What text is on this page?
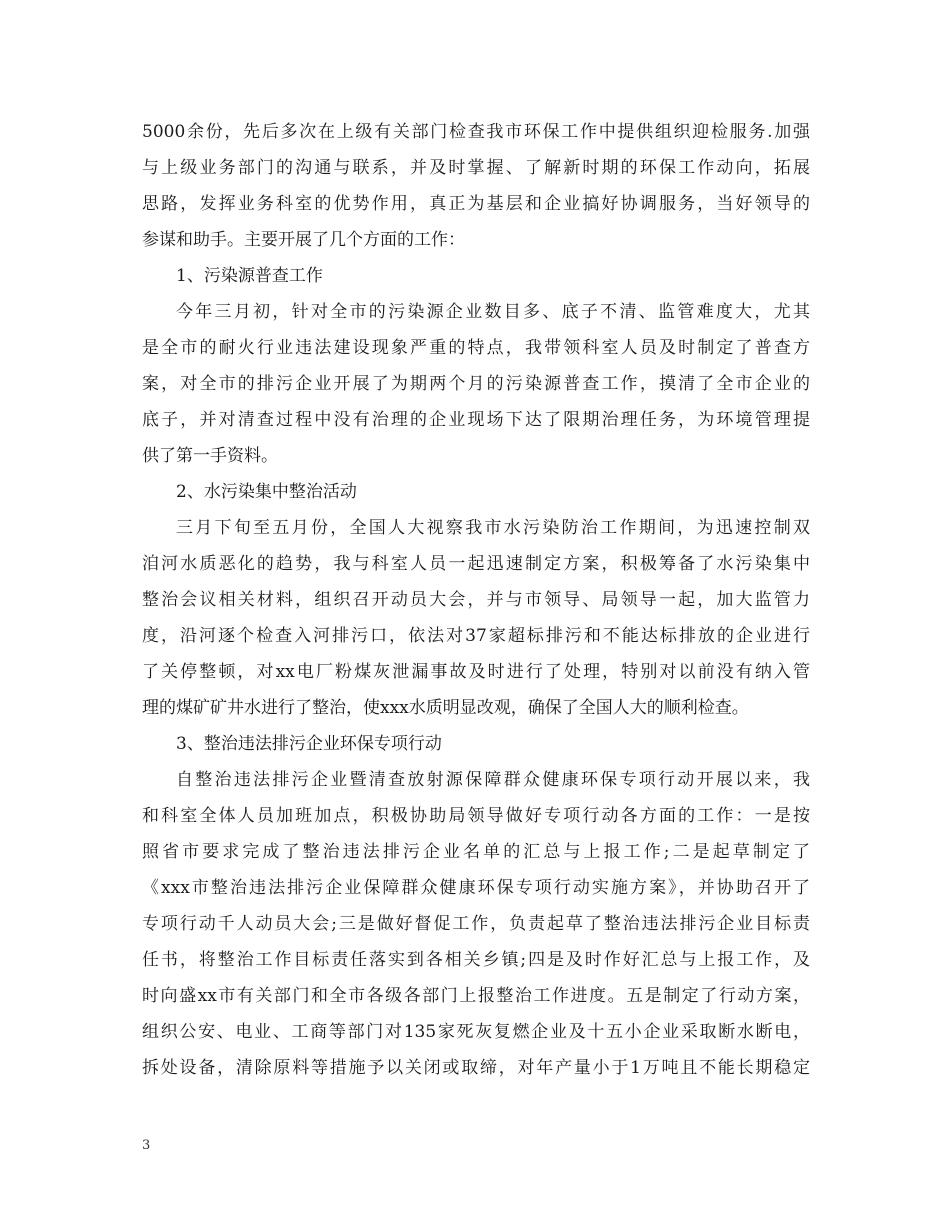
5000余份，先后多次在上级有关部门检查我市环保工作中提供组织迎检服务.加强
与上级业务部门的沟通与联系，并及时掌握、了解新时期的环保工作动向，拓展
思路，发挥业务科室的优势作用，真正为基层和企业搞好协调服务，当好领导的
参谋和助手。主要开展了几个方面的工作：
1、污染源普查工作
今年三月初，针对全市的污染源企业数目多、底子不清、监管难度大，尤其
是全市的耐火行业违法建设现象严重的特点，我带领科室人员及时制定了普查方
案，对全市的排污企业开展了为期两个月的污染源普查工作，摸清了全市企业的
底子，并对清查过程中没有治理的企业现场下达了限期治理任务，为环境管理提
供了第一手资料。
2、水污染集中整治活动
三月下旬至五月份，全国人大视察我市水污染防治工作期间，为迅速控制双
洎河水质恶化的趋势，我与科室人员一起迅速制定方案，积极筹备了水污染集中
整治会议相关材料，组织召开动员大会，并与市领导、局领导一起，加大监管力
度，沿河逐个检查入河排污口，依法对37家超标排污和不能达标排放的企业进行
了关停整顿，对xx电厂粉煤灰泄漏事故及时进行了处理，特别对以前没有纳入管
理的煤矿矿井水进行了整治，使xxx水质明显改观，确保了全国人大的顺利检查。
3、整治违法排污企业环保专项行动
自整治违法排污企业暨清查放射源保障群众健康环保专项行动开展以来，我
和科室全体人员加班加点，积极协助局领导做好专项行动各方面的工作：一是按
照省市要求完成了整治违法排污企业名单的汇总与上报工作;二是起草制定了
《xxx市整治违法排污企业保障群众健康环保专项行动实施方案》，并协助召开了
专项行动千人动员大会;三是做好督促工作，负责起草了整治违法排污企业目标责
任书，将整治工作目标责任落实到各相关乡镇;四是及时作好汇总与上报工作，及
时向盛xx市有关部门和全市各级各部门上报整治工作进度。五是制定了行动方案，
组织公安、电业、工商等部门对135家死灰复燃企业及十五小企业采取断水断电，
拆处设备，清除原料等措施予以关闭或取缔，对年产量小于1万吨且不能长期稳定
3
